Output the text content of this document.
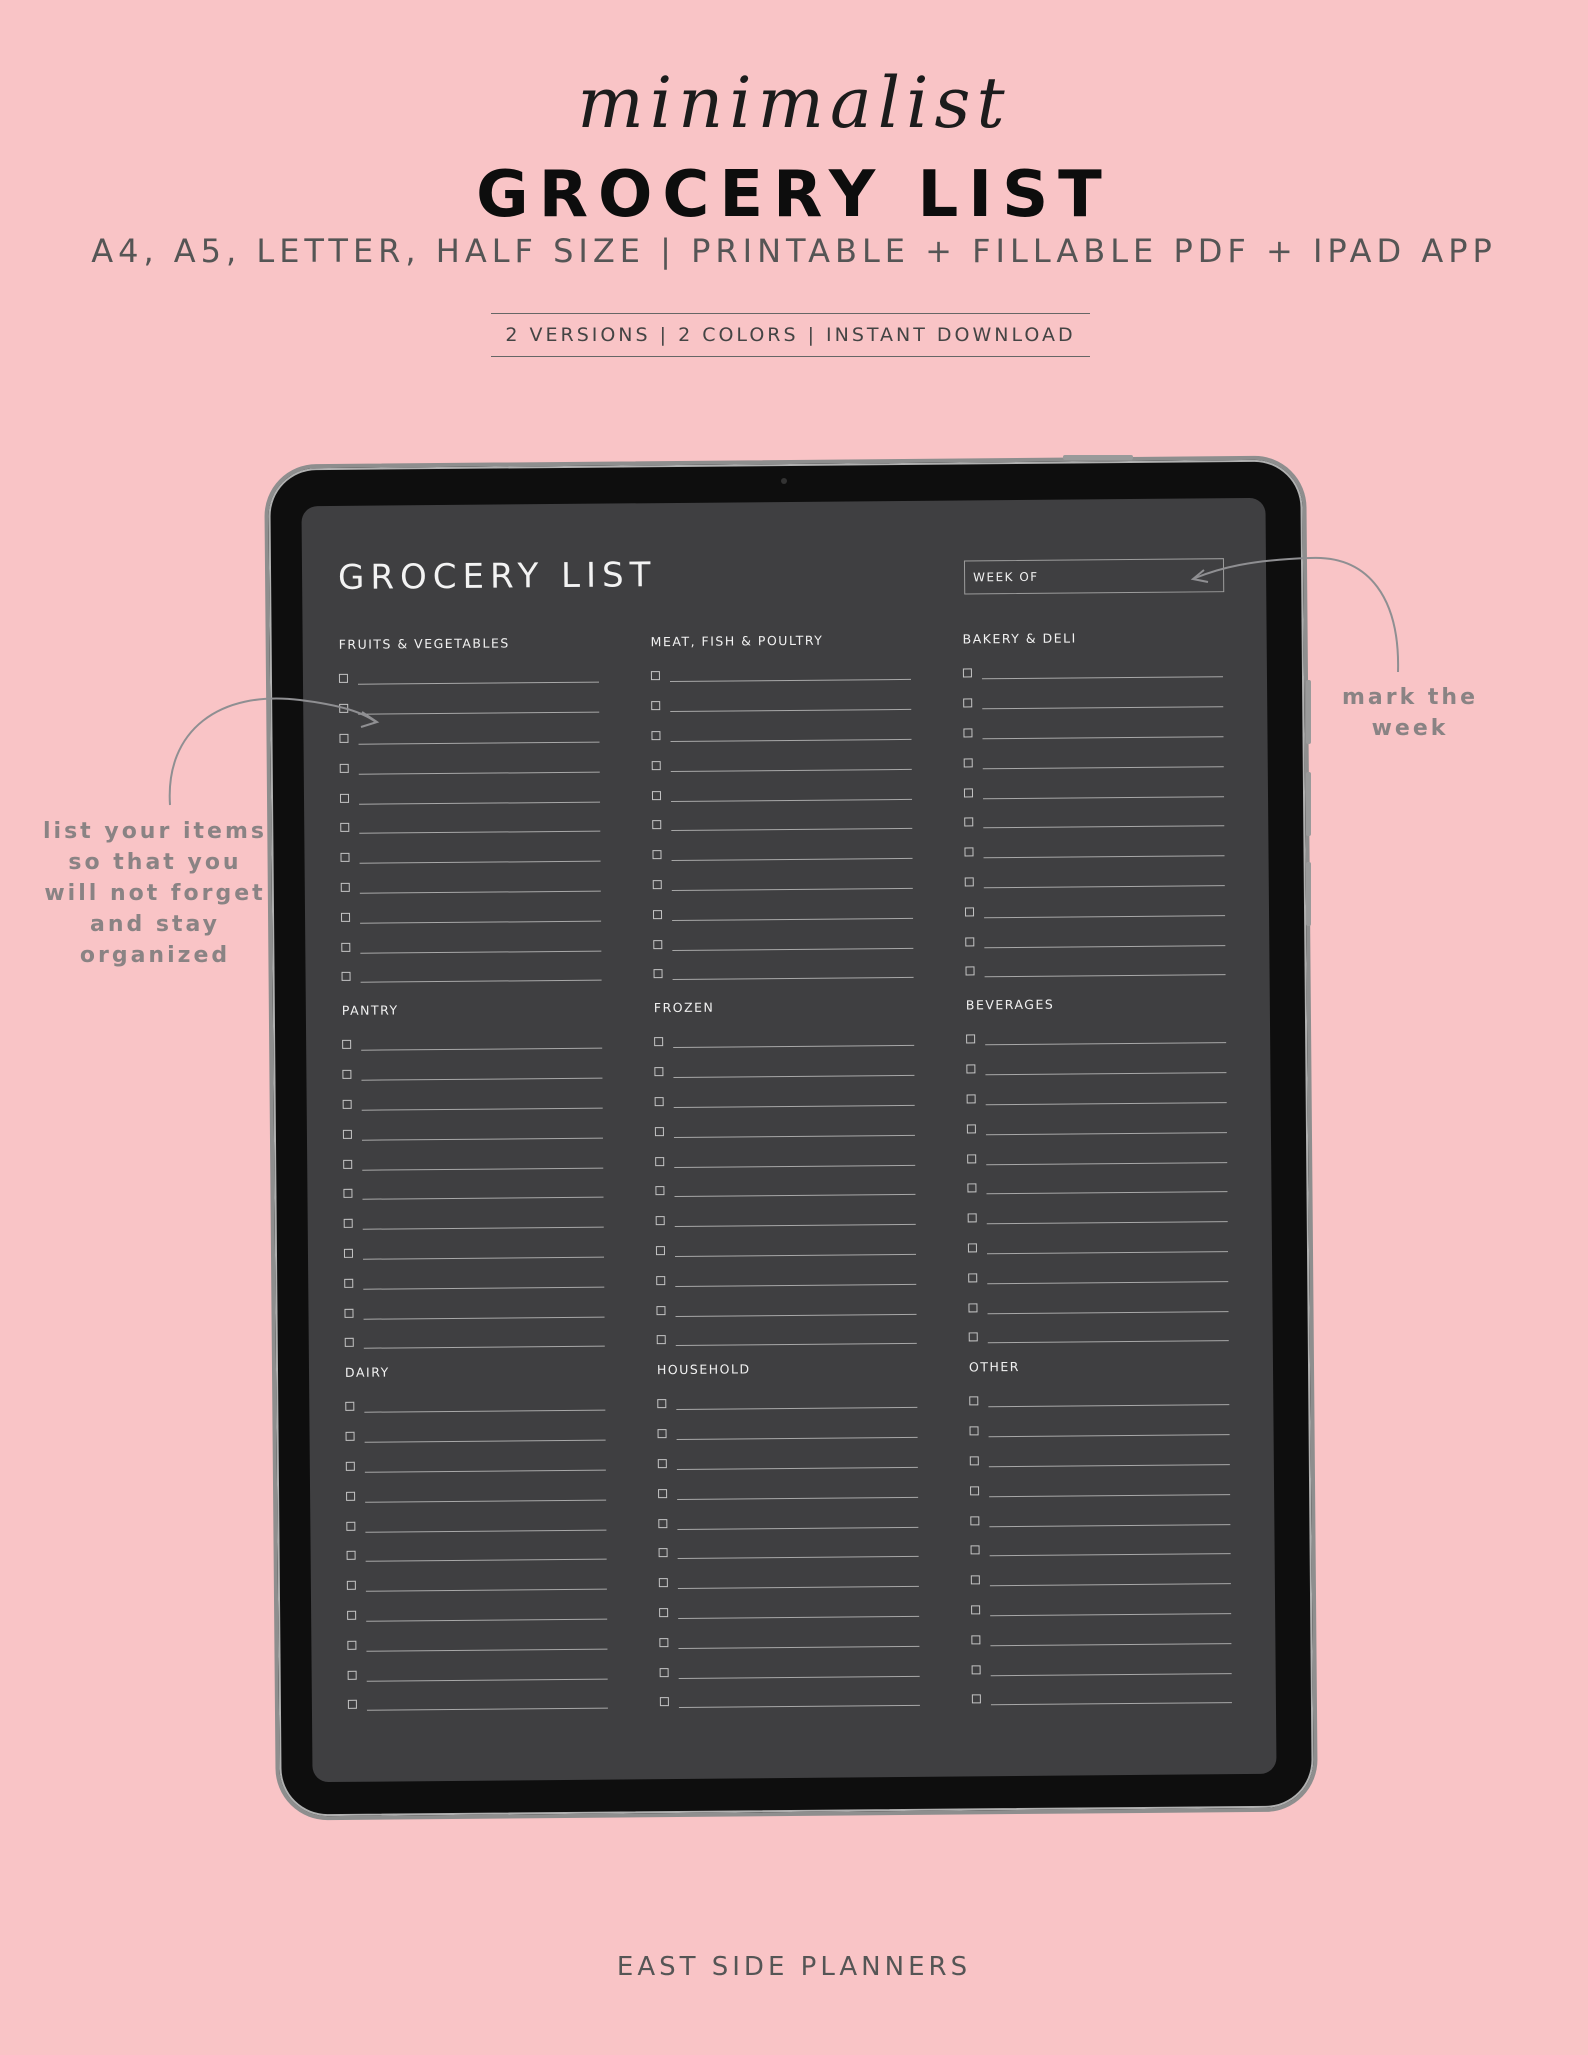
minimalist
GROCERY LIST
A4, A5, LETTER, HALF SIZE | PRINTABLE + FILLABLE PDF + IPAD APP
2 VERSIONS | 2 COLORS | INSTANT DOWNLOAD
GROCERY LIST	WEEK OF
FRUITS & VEGETABLES	MEAT, FISH & POULTRY	BAKERY & DELI
PANTRY	FROZEN	BEVERAGES
DAIRY	HOUSEHOLD	OTHER
list your items so that you will not forget and stay organized
mark the week
EAST SIDE PLANNERS
